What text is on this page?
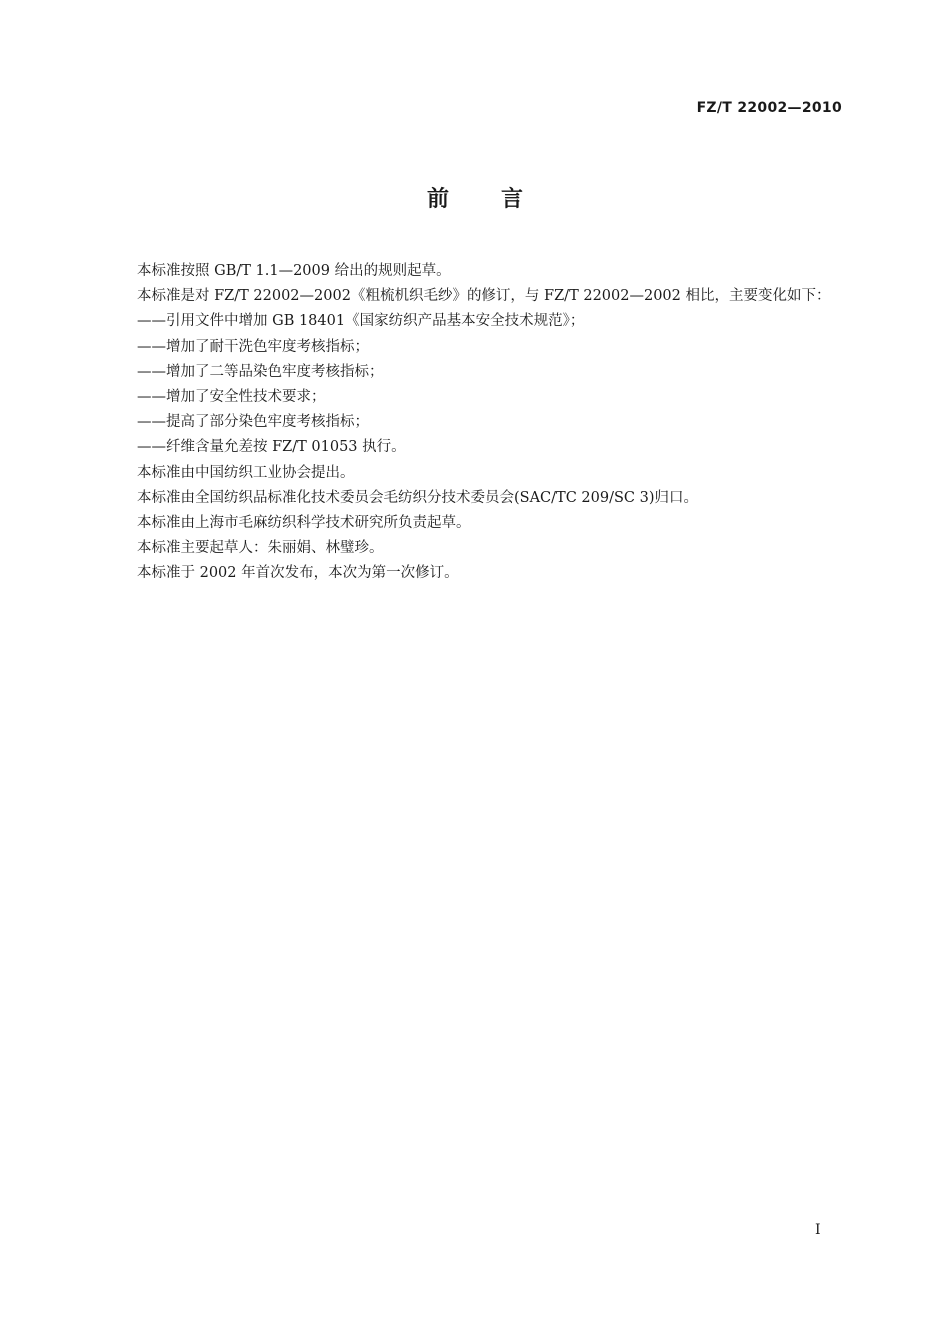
FZ/T 22002—2010
前言

本标准按照 GB/T 1.1—2009 给出的规则起草。

本标准是对 FZ/T 22002—2002《粗梳机织毛纱》的修订，与 FZ/T 22002—2002 相比，主要变化如下：

——引用文件中增加 GB 18401《国家纺织产品基本安全技术规范》；

——增加了耐干洗色牢度考核指标；

——增加了二等品染色牢度考核指标；

——增加了安全性技术要求；

——提高了部分染色牢度考核指标；

——纤维含量允差按 FZ/T 01053 执行。

本标准由中国纺织工业协会提出。

本标准由全国纺织品标准化技术委员会毛纺织分技术委员会(SAC/TC 209/SC 3)归口。

本标准由上海市毛麻纺织科学技术研究所负责起草。

本标准主要起草人：朱丽娟、林璧珍。

本标准于 2002 年首次发布，本次为第一次修订。

I
